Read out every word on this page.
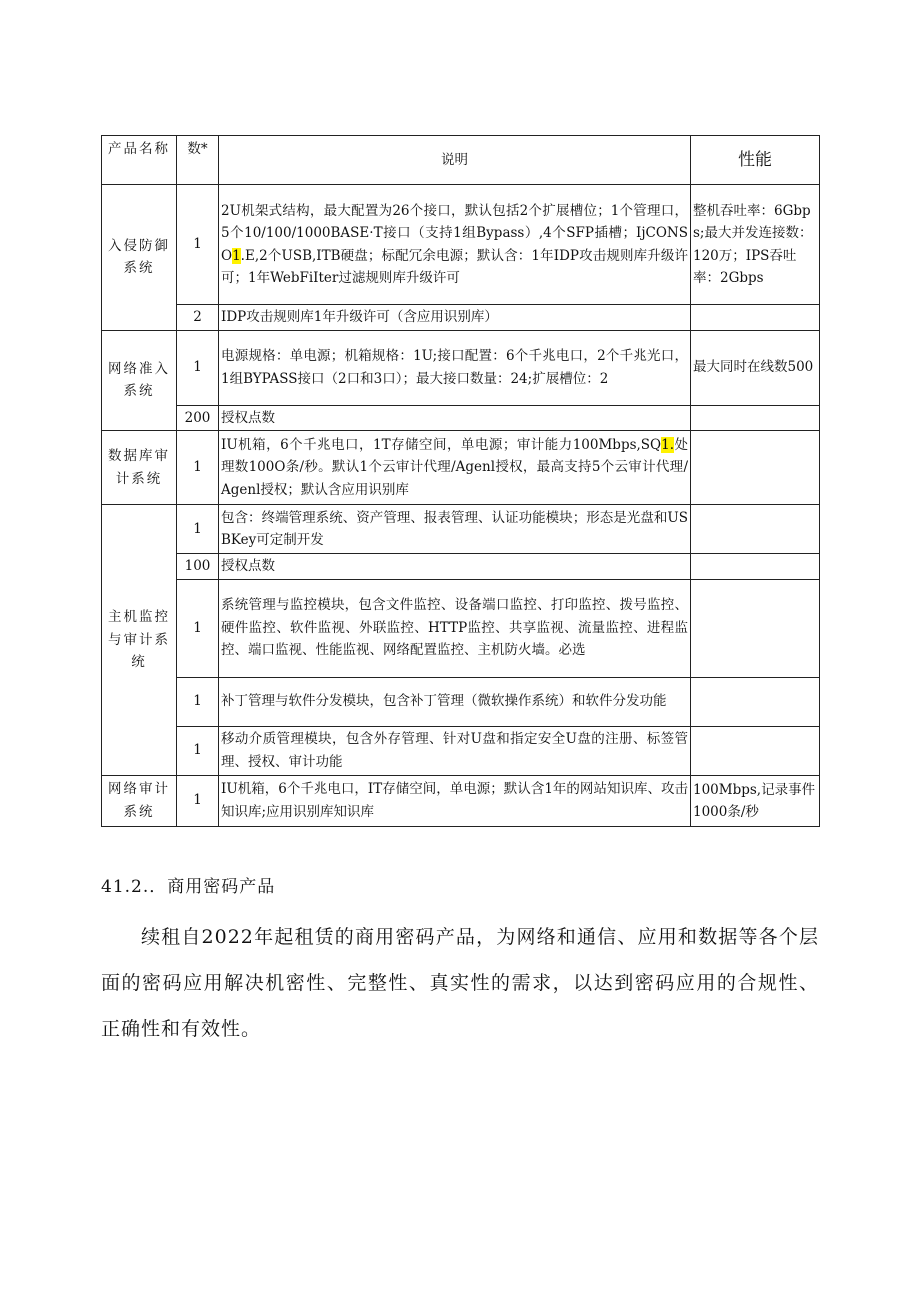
产品名称	数*	说明	性能
入侵防御系统	1	2U机架式结构，最大配置为26个接口，默认包括2个扩展槽位；1个管理口，5个10/100/1000BASE·T接口（支持1组Bypass）,4个SFP插槽；IjCONSO1.E,2个USB,ITB硬盘；标配冗余电源；默认含：1年IDP攻击规则库升级许可；1年WebFiIter过滤规则库升级许可	整机吞吐率：6Gbps;最大并发连接数：120万；IPS吞吐率：2Gbps
	2	IDP攻击规则库1年升级许可（含应用识别库）	
网络准入系统	1	电源规格：单电源；机箱规格：1U;接口配置：6个千兆电口，2个千兆光口，1组BYPASS接口（2口和3口）；最大接口数量：24;扩展槽位：2	最大同时在线数500
	200	授权点数	
数据库审计系统	1	IU机箱，6个千兆电口，1T存储空间，单电源；审计能力100Mbps,SQ1.处理数100O条/秒。默认1个云审计代理/Agenl授权，最高支持5个云审计代理/Agenl授权；默认含应用识别库	
主机监控与审计系统	1	包含：终端管理系统、资产管理、报表管理、认证功能模块；形态是光盘和USBKey可定制开发	
	100	授权点数	
	1	系统管理与监控模块，包含文件监控、设备端口监控、打印监控、拨号监控、硬件监控、软件监视、外联监控、HTTP监控、共享监视、流量监控、进程监控、端口监视、性能监视、网络配置监控、主机防火墙。必选	
	1	补丁管理与软件分发模块，包含补丁管理（微软操作系统）和软件分发功能	
	1	移动介质管理模块，包含外存管理、针对U盘和指定安全U盘的注册、标签管理、授权、审计功能	
网络审计系统	1	IU机箱，6个千兆电口，IT存储空间，单电源；默认含1年的网站知识库、攻击知识库;应用识别库知识库	100Mbps,记录事件1000条/秒
41.2.．商用密码产品
续租自2022年起租赁的商用密码产品，为网络和通信、应用和数据等各个层面的密码应用解决机密性、完整性、真实性的需求，以达到密码应用的合规性、正确性和有效性。
